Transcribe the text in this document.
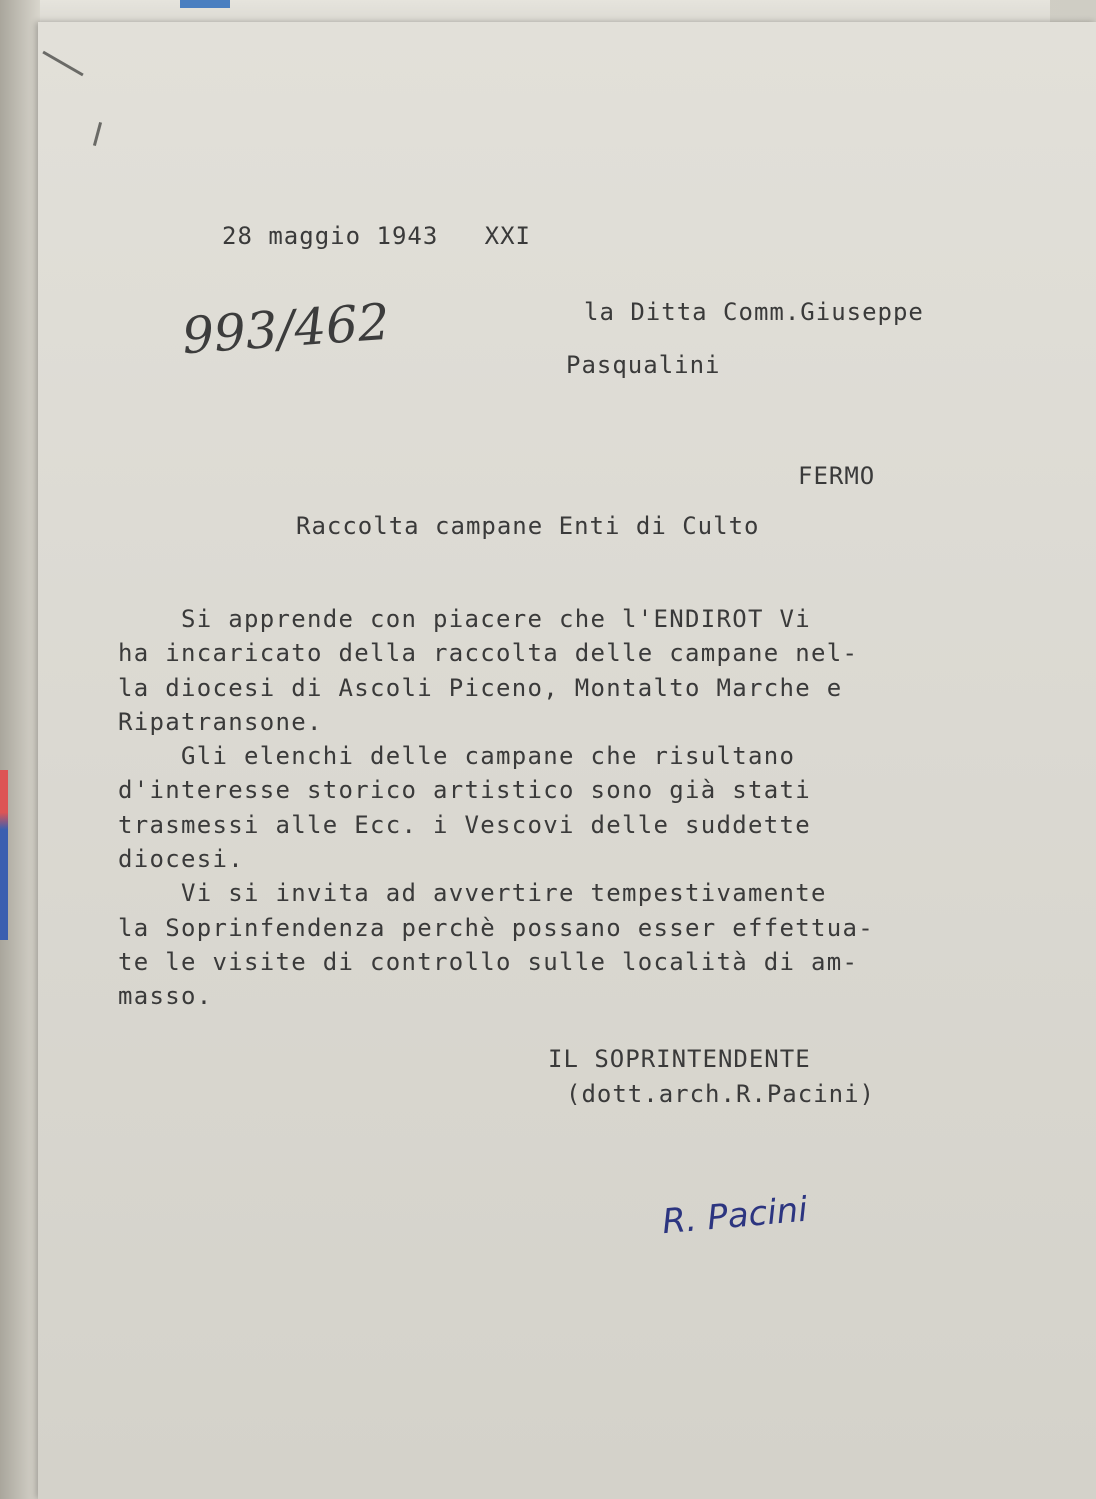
28 maggio 1943   XXI
993/462	la Ditta Comm.Giuseppe
Pasqualini
FERMO
Raccolta campane Enti di Culto
Si apprende con piacere che l'ENDIROT Vi
ha incaricato della raccolta delle campane nel-
la diocesi di Ascoli Piceno, Montalto Marche e
Ripatransone.
Gli elenchi delle campane che risultano
d'interesse storico artistico sono già stati
trasmessi alle Ecc. i Vescovi delle suddette
diocesi.
Vi si invita ad avvertire tempestivamente
la Soprinfendenza perchè possano esser effettua-
te le visite di controllo sulle località di am-
masso.
IL SOPRINTENDENTE
(dott.arch.R.Pacini)
R. Pacini
